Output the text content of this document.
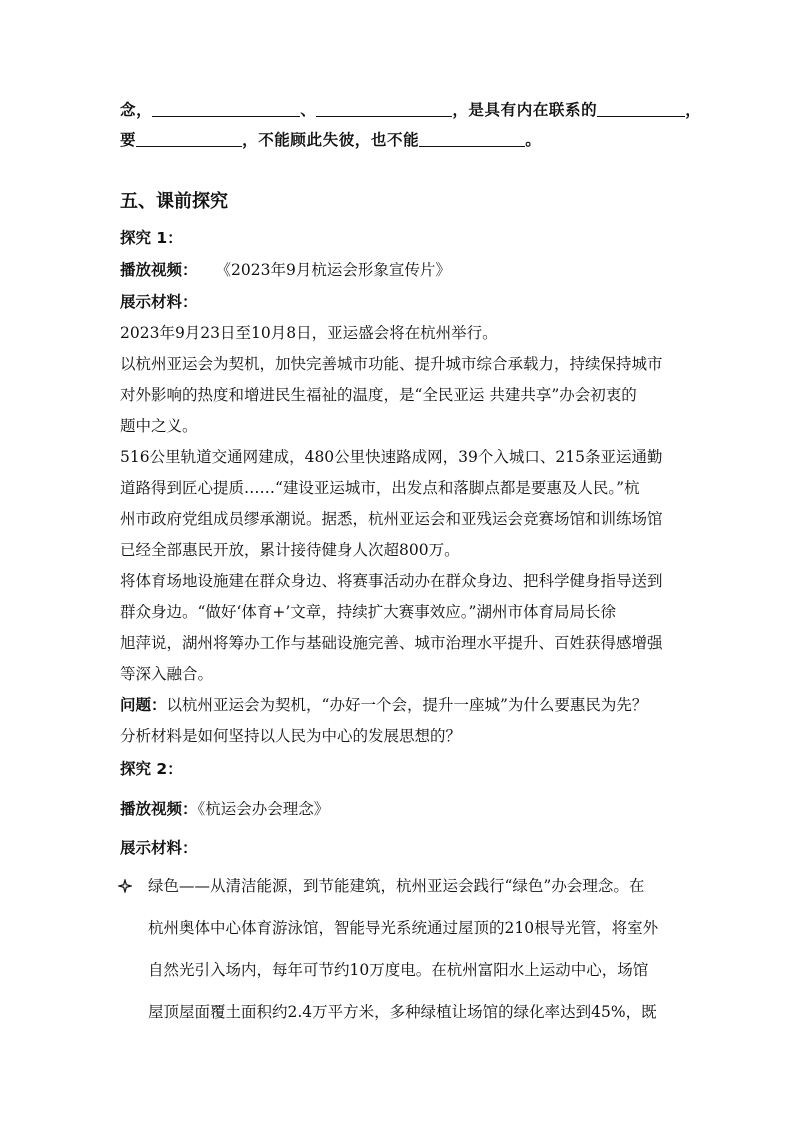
念，	、	，是具有内在联系的	，
要	，不能顾此失彼，也不能	。
五、课前探究
探究 1：
播放视频： 《2023年9月杭运会形象宣传片》
展示材料：
2023年9月23日至10月8日，亚运盛会将在杭州举行。
以杭州亚运会为契机，加快完善城市功能、提升城市综合承载力，持续保持城市
对外影响的热度和增进民生福祉的温度，是“全民亚运 共建共享”办会初衷的
题中之义。
516公里轨道交通网建成，480公里快速路成网，39个入城口、215条亚运通勤
道路得到匠心提质……“建设亚运城市，出发点和落脚点都是要惠及人民。”杭
州市政府党组成员缪承潮说。据悉，杭州亚运会和亚残运会竞赛场馆和训练场馆
已经全部惠民开放，累计接待健身人次超800万。
将体育场地设施建在群众身边、将赛事活动办在群众身边、把科学健身指导送到
群众身边。“做好‘体育+’文章，持续扩大赛事效应。”湖州市体育局局长徐
旭萍说，湖州将筹办工作与基础设施完善、城市治理水平提升、百姓获得感增强
等深入融合。
问题：以杭州亚运会为契机，“办好一个会，提升一座城”为什么要惠民为先？
分析材料是如何坚持以人民为中心的发展思想的？
探究 2：
播放视频：《杭运会办会理念》
展示材料：
绿色——从清洁能源，到节能建筑，杭州亚运会践行“绿色”办会理念。在
杭州奥体中心体育游泳馆，智能导光系统通过屋顶的210根导光管，将室外
自然光引入场内，每年可节约10万度电。在杭州富阳水上运动中心，场馆
屋顶屋面覆土面积约2.4万平方米，多种绿植让场馆的绿化率达到45%，既
